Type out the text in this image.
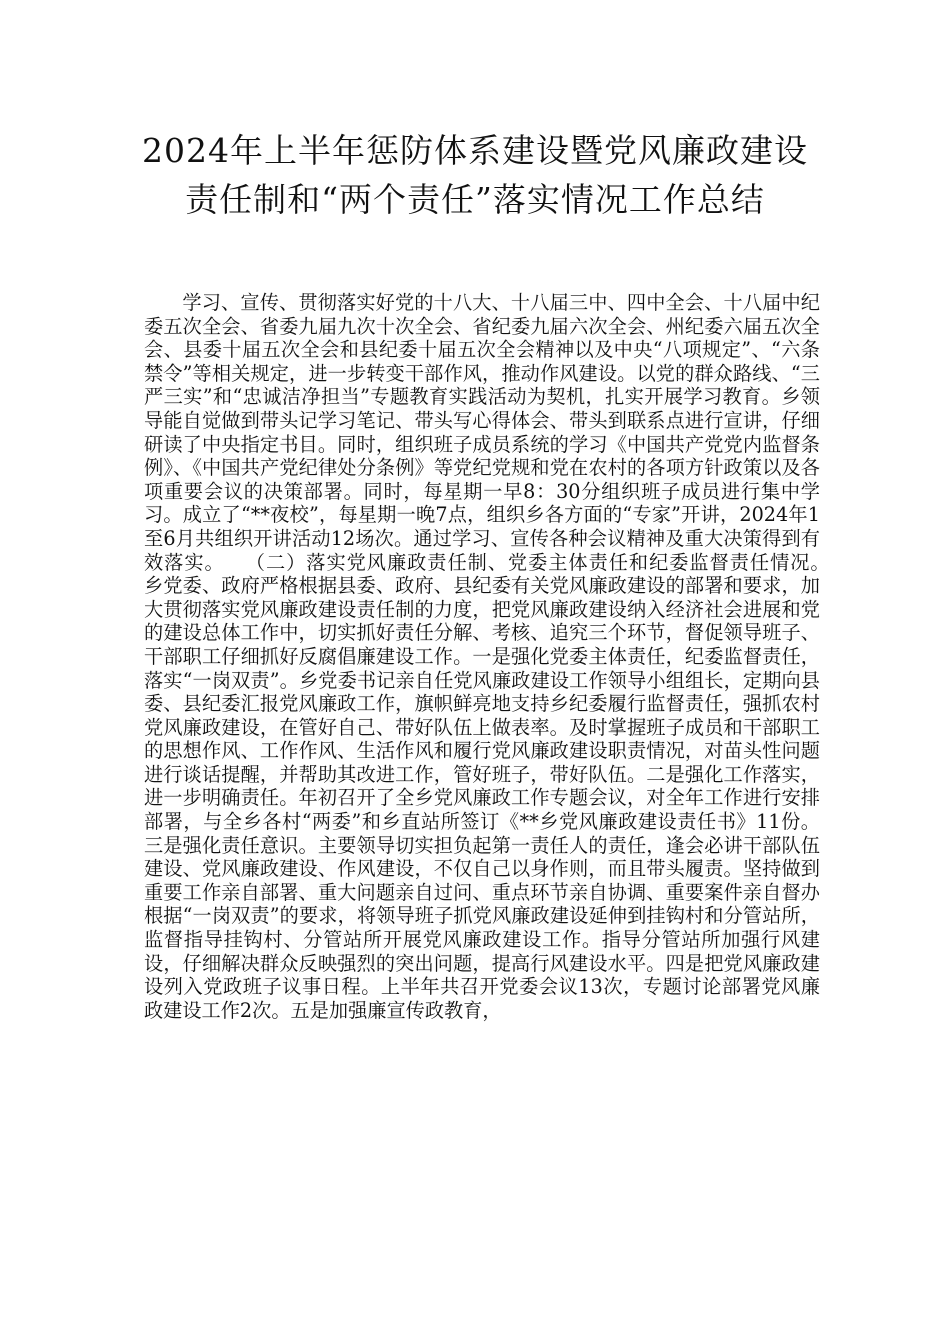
2024年上半年惩防体系建设暨党风廉政建设责任制和“两个责任”落实情况工作总结

学习、宣传、贯彻落实好党的十八大、十八届三中、四中全会、十八届中纪委五次全会、省委九届九次十次全会、省纪委九届六次全会、州纪委六届五次全会、县委十届五次全会和县纪委十届五次全会精神以及中央“八项规定”、“六条禁令”等相关规定，进一步转变干部作风，推动作风建设。以党的群众路线、“三严三实”和“忠诚洁净担当”专题教育实践活动为契机，扎实开展学习教育。乡领导能自觉做到带头记学习笔记、带头写心得体会、带头到联系点进行宣讲，仔细研读了中央指定书目。同时，组织班子成员系统的学习《中国共产党党内监督条例》、《中国共产党纪律处分条例》等党纪党规和党在农村的各项方针政策以及各项重要会议的决策部署。同时，每星期一早8：30分组织班子成员进行集中学习。成立了“**夜校”，每星期一晚7点，组织乡各方面的“专家”开讲，2024年1至6月共组织开讲活动12场次。通过学习、宣传各种会议精神及重大决策得到有效落实。　　（二）落实党风廉政责任制、党委主体责任和纪委监督责任情况。　　乡党委、政府严格根据县委、政府、县纪委有关党风廉政建设的部署和要求，加大贯彻落实党风廉政建设责任制的力度，把党风廉政建设纳入经济社会进展和党的建设总体工作中，切实抓好责任分解、考核、追究三个环节，督促领导班子、干部职工仔细抓好反腐倡廉建设工作。一是强化党委主体责任，纪委监督责任，落实“一岗双责”。乡党委书记亲自任党风廉政建设工作领导小组组长，定期向县委、县纪委汇报党风廉政工作，旗帜鲜亮地支持乡纪委履行监督责任，强抓农村党风廉政建设，在管好自己、带好队伍上做表率。及时掌握班子成员和干部职工的思想作风、工作作风、生活作风和履行党风廉政建设职责情况，对苗头性问题进行谈话提醒，并帮助其改进工作，管好班子，带好队伍。二是强化工作落实，进一步明确责任。年初召开了全乡党风廉政工作专题会议，对全年工作进行安排部署，与全乡各村“两委”和乡直站所签订《**乡党风廉政建设责任书》11份。三是强化责任意识。主要领导切实担负起第一责任人的责任，逢会必讲干部队伍建设、党风廉政建设、作风建设，不仅自己以身作则，而且带头履责。坚持做到重要工作亲自部署、重大问题亲自过问、重点环节亲自协调、重要案件亲自督办根据“一岗双责”的要求，将领导班子抓党风廉政建设延伸到挂钩村和分管站所，监督指导挂钩村、分管站所开展党风廉政建设工作。指导分管站所加强行风建设，仔细解决群众反映强烈的突出问题，提高行风建设水平。四是把党风廉政建设列入党政班子议事日程。上半年共召开党委会议13次，专题讨论部署党风廉政建设工作2次。五是加强廉宣传政教育，
